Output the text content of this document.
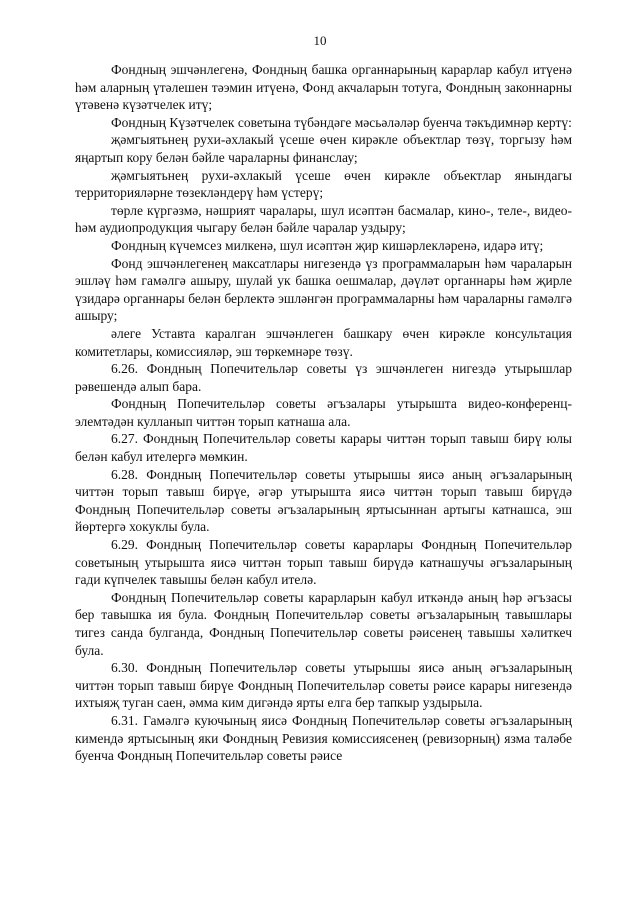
10

Фондның эшчәнлегенә, Фондның башка органнарының карарлар кабул итүенә һәм аларның үтәлешен тәэмин итүенә, Фонд акчаларын тотуга, Фондның законнарны үтәвенә күзәтчелек итү;

Фондның Күзәтчелек советына түбәндәге мәсьәләләр буенча тәкъдимнәр кертү:

җәмгыятьнең рухи-әхлакый үсеше өчен кирәкле объектлар төзү, торгызу һәм яңартып кору белән бәйле чараларны финанслау;

җәмгыятьнең рухи-әхлакый үсеше өчен кирәкле объектлар янындагы территорияләрне төзекләндерү һәм үстерү;

төрле күргәзмә, нәшрият чаралары, шул исәптән басмалар, кино-, теле-, видео- һәм аудиопродукция чыгару белән бәйле чаралар уздыру;

Фондның күчемсез милкенә, шул исәптән җир кишәрлекләренә, идарә итү;

Фонд эшчәнлегенең максатлары нигезендә үз программаларын һәм чараларын эшләү һәм гамәлгә ашыру, шулай ук башка оешмалар, дәүләт органнары һәм җирле үзидарә органнары белән берлектә эшләнгән программаларны һәм чараларны гамәлгә ашыру;

әлеге Уставта каралган эшчәнлеген башкару өчен кирәкле консультация комитетлары, комиссияләр, эш төркемнәре төзү.

6.26. Фондның Попечительләр советы үз эшчәнлеген нигездә утырышлар рәвешендә алып бара.

Фондның Попечительләр советы әгъзалары утырышта видео-конференц-элемтәдән кулланып читтән торып катнаша ала.

6.27. Фондның Попечительләр советы карары читтән торып тавыш бирү юлы белән кабул ителергә мөмкин.

6.28. Фондның Попечительләр советы утырышы яисә аның әгъзаларының читтән торып тавыш бирүе, әгәр утырышта яисә читтән торып тавыш бирүдә Фондның Попечительләр советы әгъзаларының яртысыннан артыгы катнашса, эш йөртергә хокуклы була.

6.29. Фондның Попечительләр советы карарлары Фондның Попечительләр советының утырышта яисә читтән торып тавыш бирүдә катнашучы әгъзаларының гади күпчелек тавышы белән кабул ителә.

Фондның Попечительләр советы карарларын кабул иткәндә аның һәр әгъзасы бер тавышка ия була. Фондның Попечительләр советы әгъзаларының тавышлары тигез санда булганда, Фондның Попечительләр советы рәисенең тавышы хәлиткеч була.

6.30. Фондның Попечительләр советы утырышы яисә аның әгъзаларының читтән торып тавыш бирүе Фондның Попечительләр советы рәисе карары нигезендә ихтыяҗ туган саен, әмма ким дигәндә ярты елга бер тапкыр уздырыла.

6.31. Гамәлгә куючының яисә Фондның Попечительләр советы әгъзаларының кимендә яртысының яки Фондның Ревизия комиссиясенең (ревизорның) язма таләбе буенча Фондның Попечительләр советы рәисе
